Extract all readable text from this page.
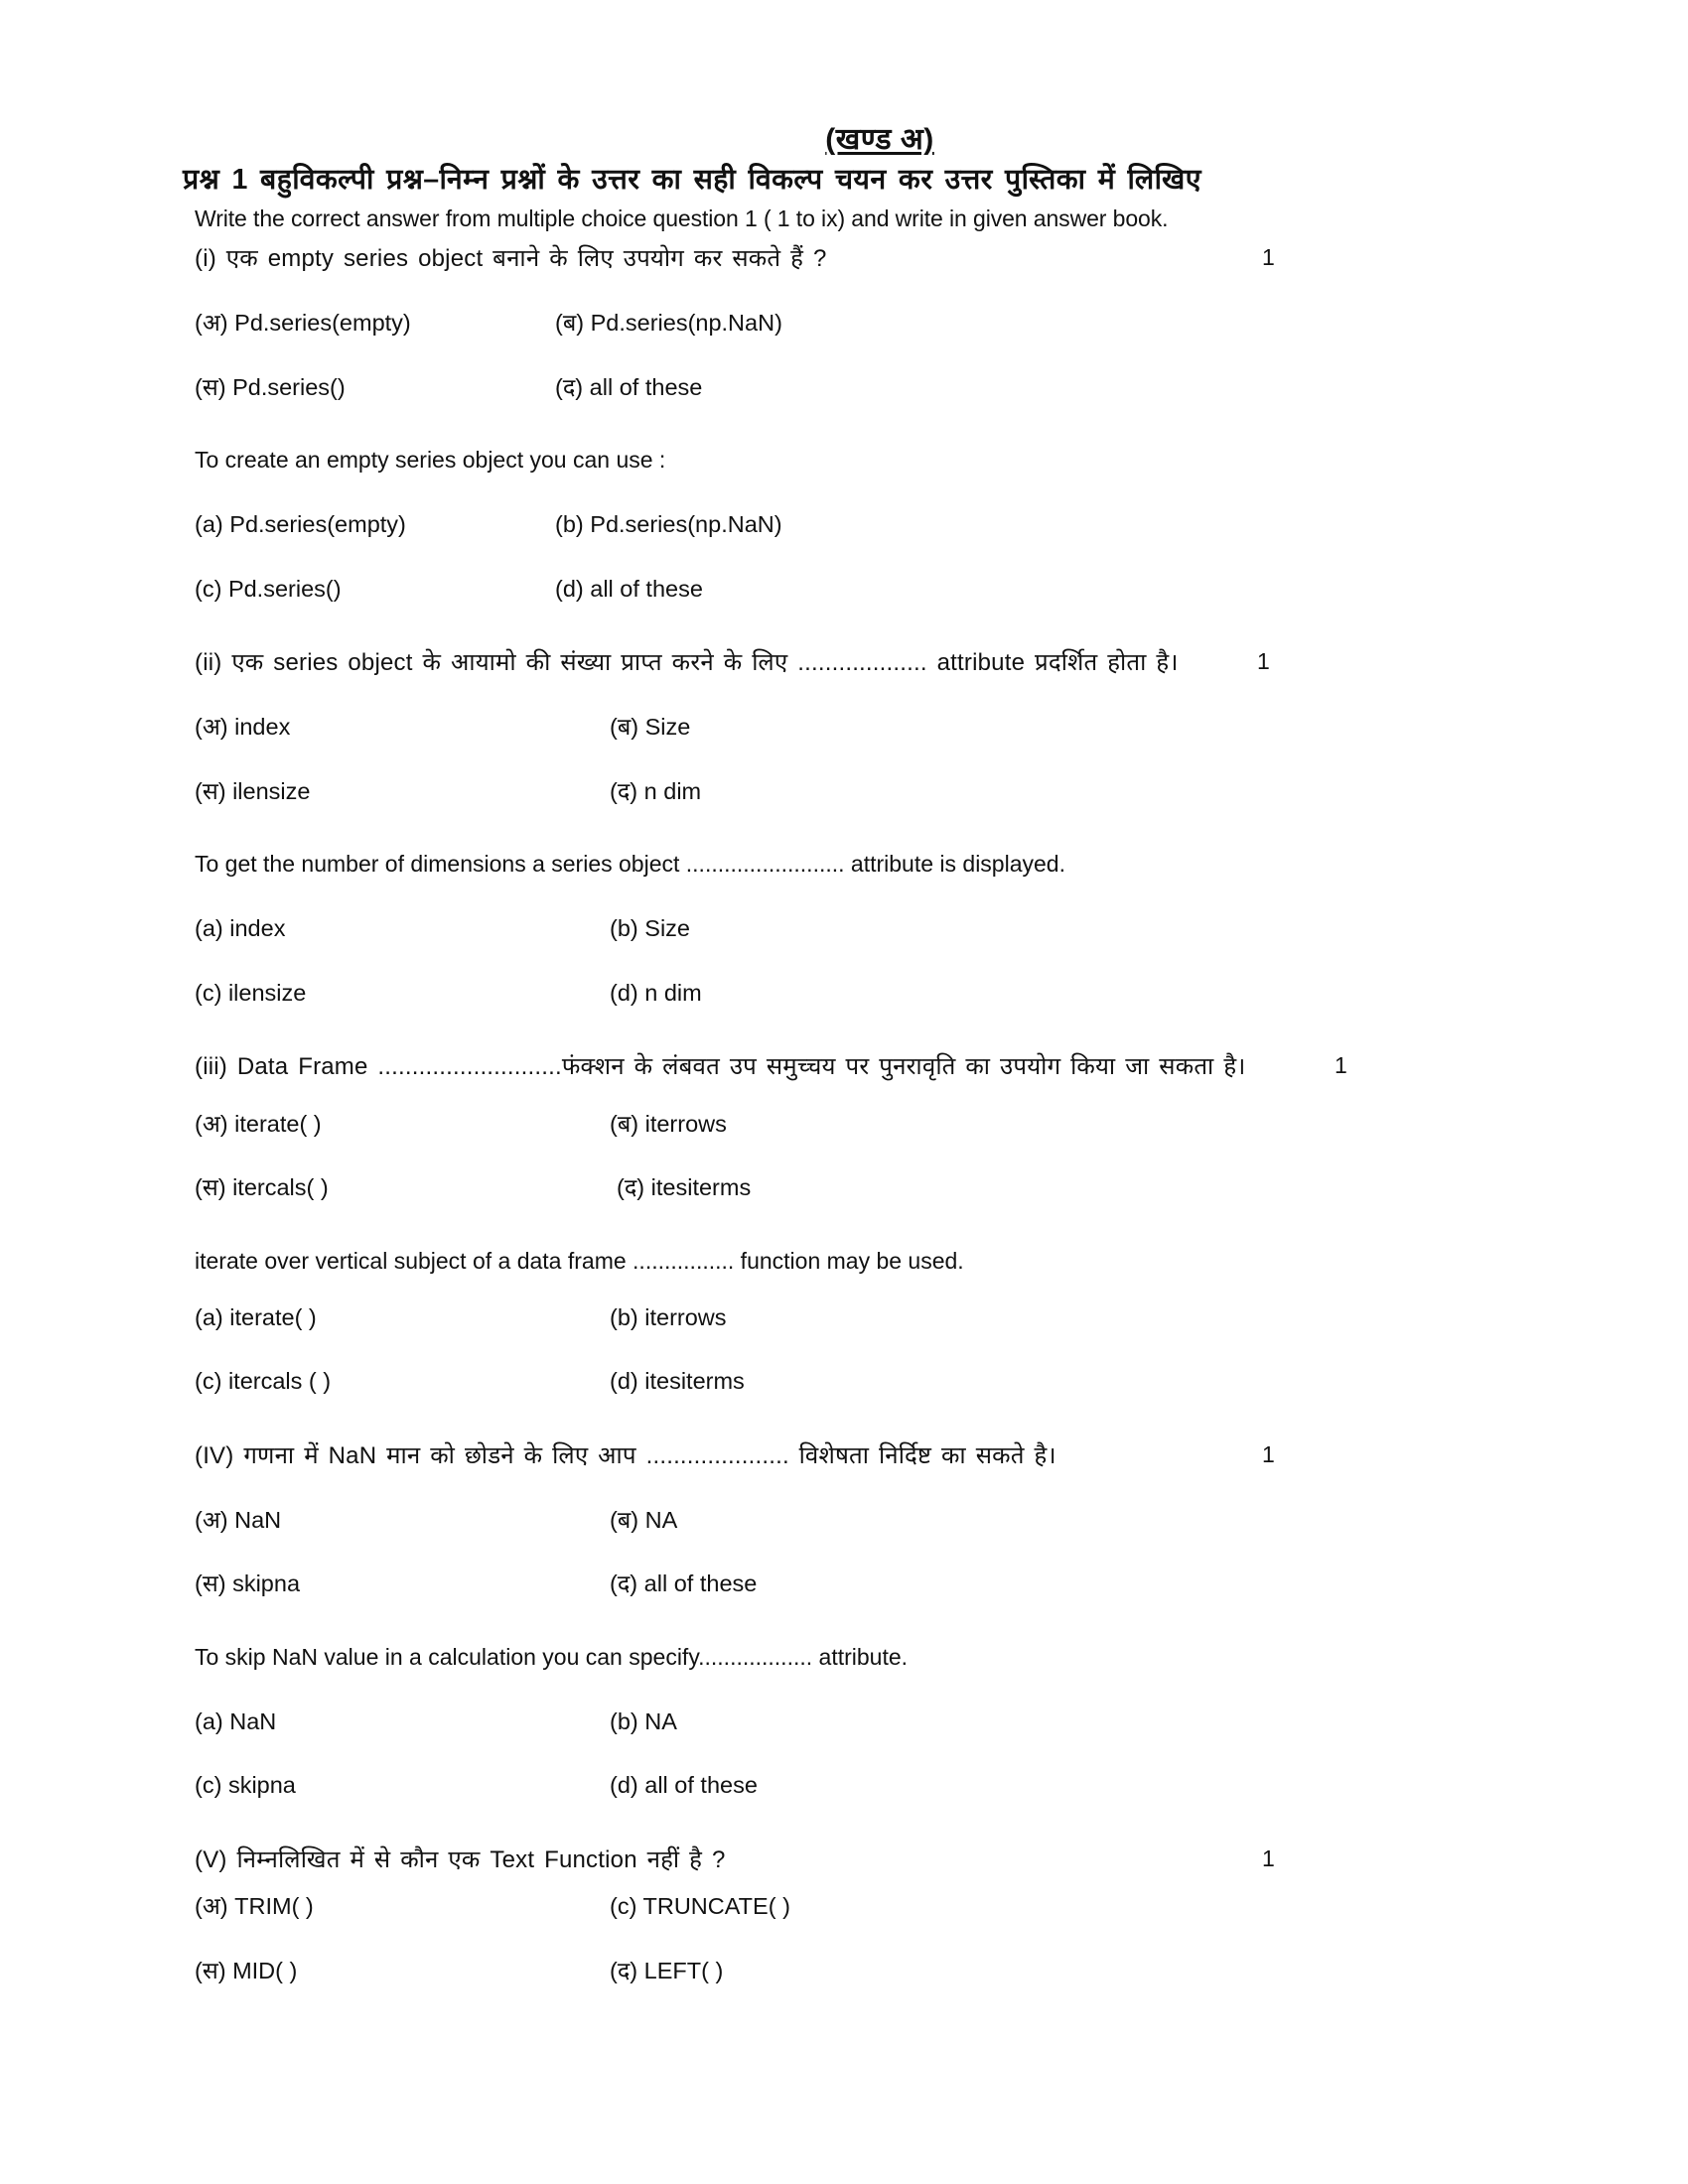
(खण्ड अ)
प्रश्न 1 बहुविकल्पी प्रश्न–निम्न प्रश्नों के उत्तर का सही विकल्प चयन कर उत्तर पुस्तिका में लिखिए
Write the correct answer from multiple choice question 1 ( 1 to ix) and write in given answer book.
(i) एक empty series object बनाने के लिए उपयोग कर सकते हैं ?	1
(अ) Pd.series(empty)	(ब) Pd.series(np.NaN)
(स) Pd.series()	(द) all of these
To create an empty series object you can use :
(a) Pd.series(empty)	(b) Pd.series(np.NaN)
(c) Pd.series()	(d) all of these
(ii) एक series object के आयामो की संख्या प्राप्त करने के लिए ................... attribute प्रदर्शित होता है।	1
(अ) index	(ब) Size
(स) ilensize	(द) n dim
To get the number of dimensions a series object ......................... attribute is displayed.
(a) index	(b) Size
(c) ilensize	(d) n dim
(iii) Data Frame ...........................फंक्शन के लंबवत उप समुच्चय पर पुनरावृति का उपयोग किया जा सकता है।	1
(अ) iterate( )	(ब) iterrows
(स) itercals( )	(द) itesiterms
iterate over vertical subject of a data frame ................ function may be used.
(a) iterate( )	(b) iterrows
(c) itercals ( )	(d) itesiterms
(IV) गणना में NaN मान को छोडने के लिए आप ..................... विशेषता निर्दिष्ट का सकते है।	1
(अ) NaN	(ब) NA
(स) skipna	(द) all of these
To skip NaN value in a calculation you can specify.................. attribute.
(a) NaN	(b) NA
(c) skipna	(d) all of these
(V) निम्नलिखित में से कौन एक Text Function नहीं है ?	1
(अ) TRIM( )	(c) TRUNCATE( )
(स) MID( )	(द) LEFT( )
